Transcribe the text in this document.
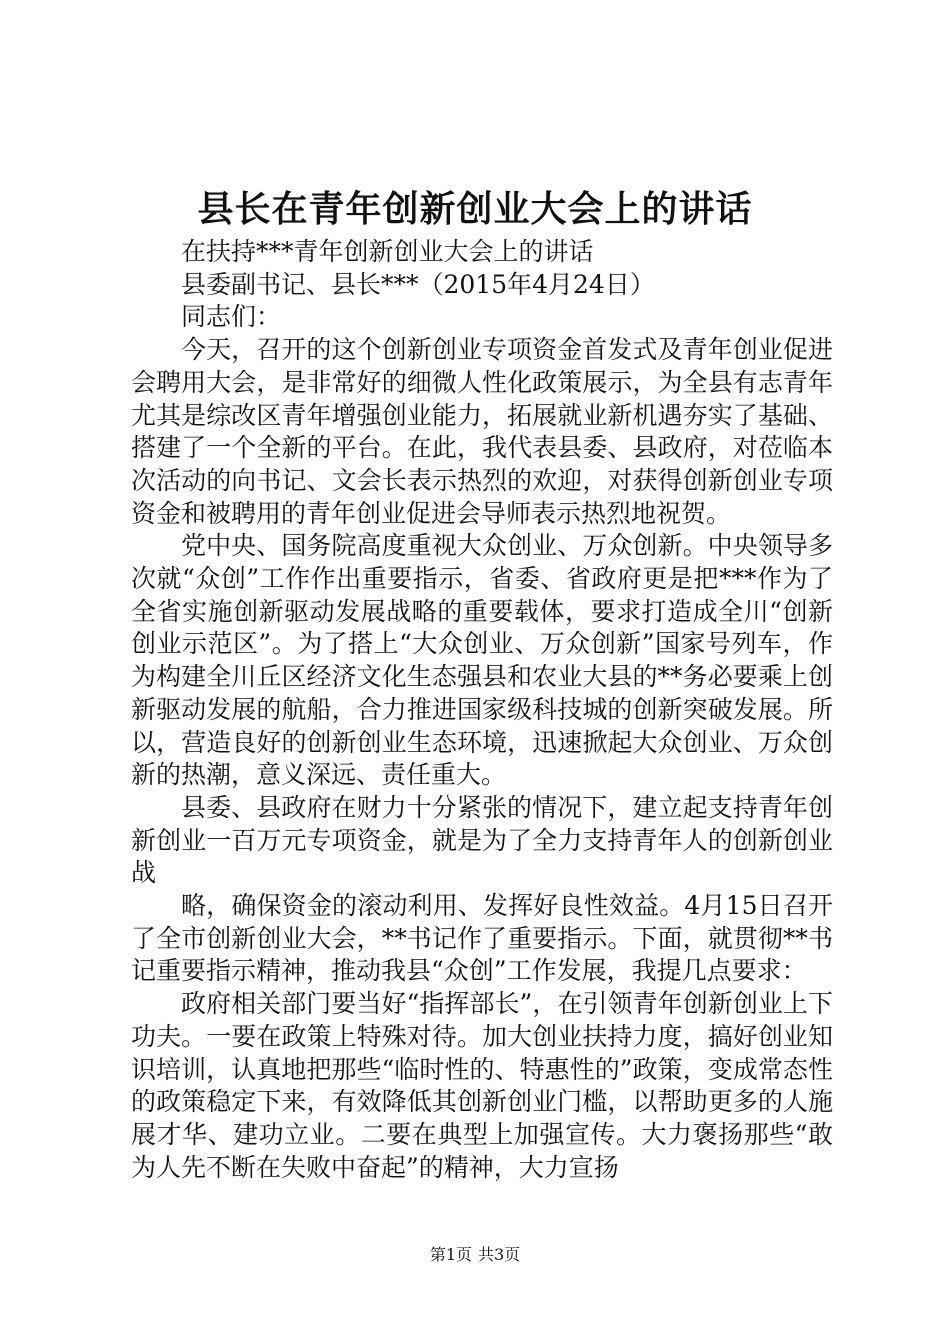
县长在青年创新创业大会上的讲话

在扶持***青年创新创业大会上的讲话

县委副书记、县长***（2015年4月24日）

同志们：

今天，召开的这个创新创业专项资金首发式及青年创业促进会聘用大会，是非常好的细微人性化政策展示，为全县有志青年尤其是综改区青年增强创业能力，拓展就业新机遇夯实了基础、搭建了一个全新的平台。在此，我代表县委、县政府，对莅临本次活动的向书记、文会长表示热烈的欢迎，对获得创新创业专项资金和被聘用的青年创业促进会导师表示热烈地祝贺。

党中央、国务院高度重视大众创业、万众创新。中央领导多次就“众创”工作作出重要指示，省委、省政府更是把***作为了全省实施创新驱动发展战略的重要载体，要求打造成全川“创新创业示范区”。为了搭上“大众创业、万众创新”国家号列车，作为构建全川丘区经济文化生态强县和农业大县的**务必要乘上创新驱动发展的航船，合力推进国家级科技城的创新突破发展。所以，营造良好的创新创业生态环境，迅速掀起大众创业、万众创新的热潮，意义深远、责任重大。

县委、县政府在财力十分紧张的情况下，建立起支持青年创新创业一百万元专项资金，就是为了全力支持青年人的创新创业战

略，确保资金的滚动利用、发挥好良性效益。4月15日召开了全市创新创业大会，**书记作了重要指示。下面，就贯彻**书记重要指示精神，推动我县“众创”工作发展，我提几点要求：

政府相关部门要当好“指挥部长”，在引领青年创新创业上下功夫。一要在政策上特殊对待。加大创业扶持力度，搞好创业知识培训，认真地把那些“临时性的、特惠性的”政策，变成常态性的政策稳定下来，有效降低其创新创业门槛，以帮助更多的人施展才华、建功立业。二要在典型上加强宣传。大力褒扬那些“敢为人先不断在失败中奋起”的精神，大力宣扬

第1页 共3页
